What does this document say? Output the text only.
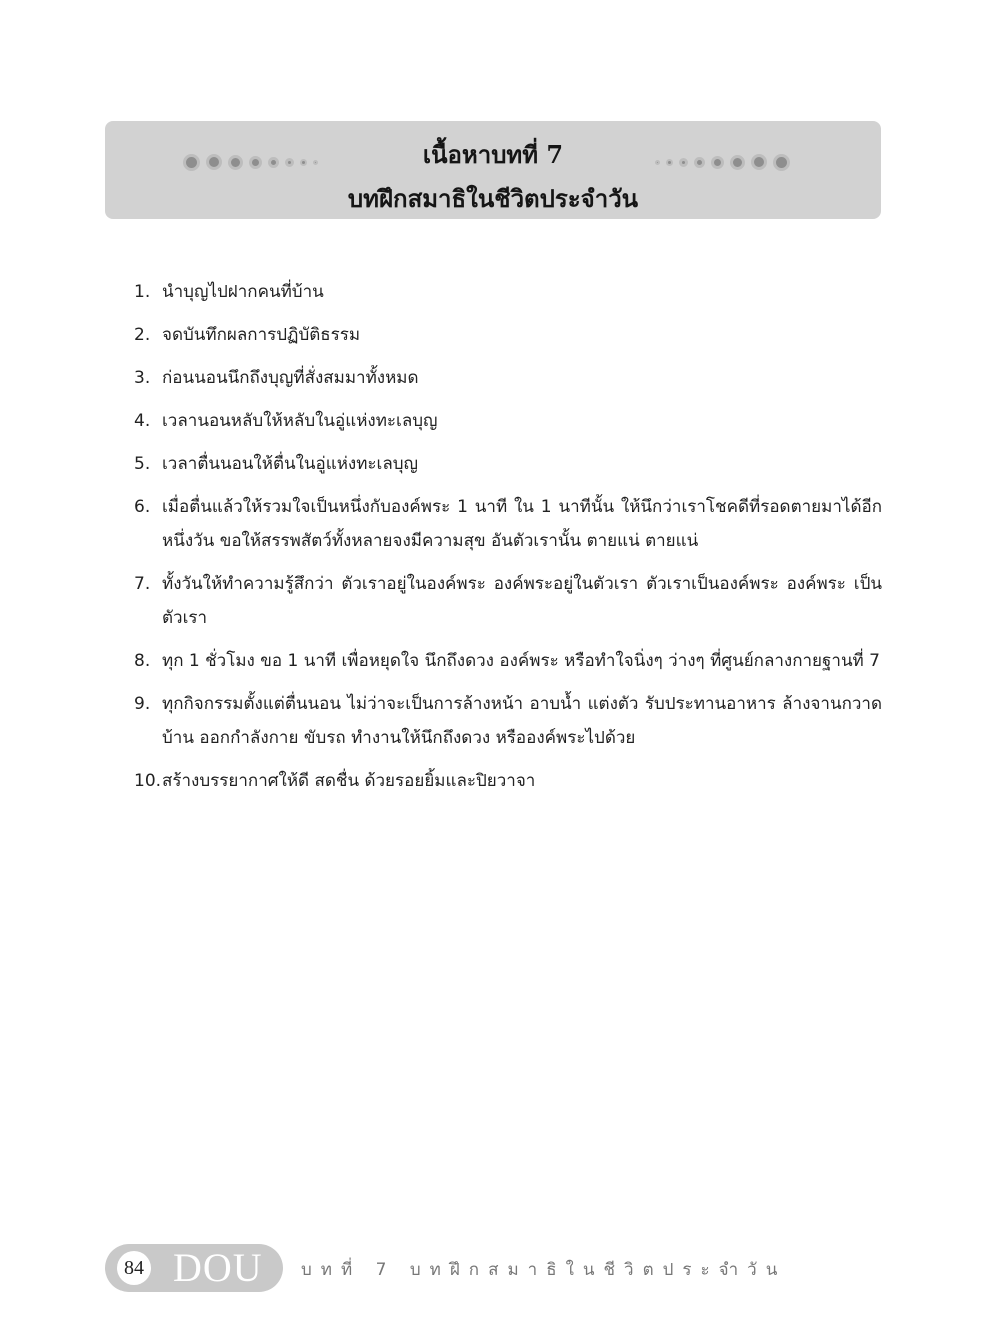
เนื้อหาบทที่ 7
บทฝึกสมาธิในชีวิตประจำวัน
1. นำบุญไปฝากคนที่บ้าน
2. จดบันทึกผลการปฏิบัติธรรม
3. ก่อนนอนนึกถึงบุญที่สั่งสมมาทั้งหมด
4. เวลานอนหลับให้หลับในอู่แห่งทะเลบุญ
5. เวลาตื่นนอนให้ตื่นในอู่แห่งทะเลบุญ
6. เมื่อตื่นแล้วให้รวมใจเป็นหนึ่งกับองค์พระ 1 นาที ใน 1 นาทีนั้น ให้นึกว่าเราโชคดีที่รอดตายมาได้อีกหนึ่งวัน ขอให้สรรพสัตว์ทั้งหลายจงมีความสุข อันตัวเรานั้น ตายแน่ ตายแน่
7. ทั้งวันให้ทำความรู้สึกว่า ตัวเราอยู่ในองค์พระ องค์พระอยู่ในตัวเรา ตัวเราเป็นองค์พระ องค์พระ เป็นตัวเรา
8. ทุก 1 ชั่วโมง ขอ 1 นาที เพื่อหยุดใจ นึกถึงดวง องค์พระ หรือทำใจนิ่งๆ ว่างๆ ที่ศูนย์กลางกายฐานที่ 7
9. ทุกกิจกรรมตั้งแต่ตื่นนอน ไม่ว่าจะเป็นการล้างหน้า อาบน้ำ แต่งตัว รับประทานอาหาร ล้างจานกวาดบ้าน ออกกำลังกาย ขับรถ ทำงานให้นึกถึงดวง หรือองค์พระไปด้วย
10. สร้างบรรยากาศให้ดี สดชื่น ด้วยรอยยิ้มและปิยวาจา
84 DOU บทที่ 7 บทฝึกสมาธิในชีวิตประจำวัน
